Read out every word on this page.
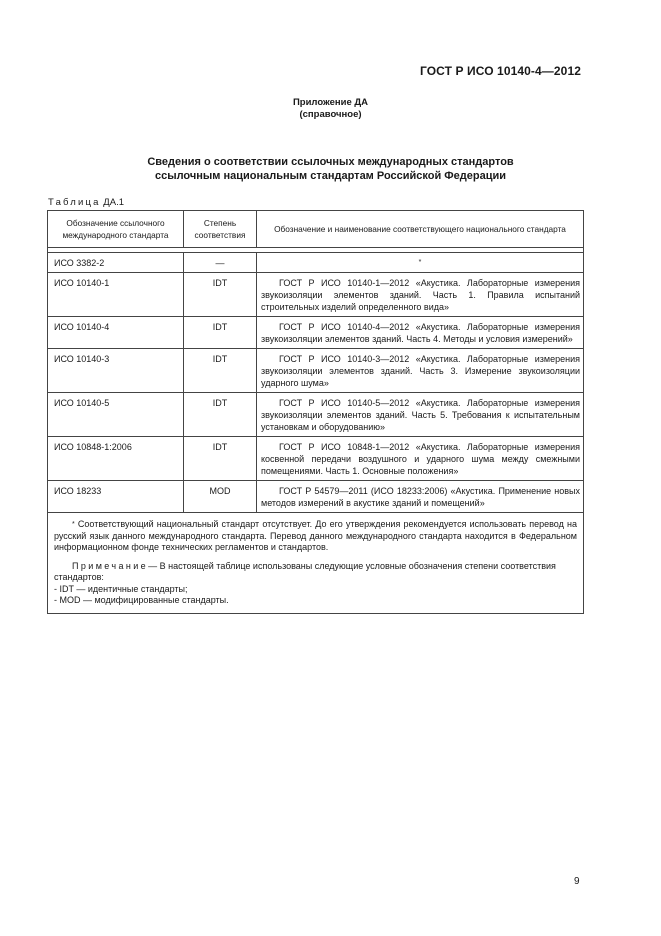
ГОСТ Р ИСО 10140-4—2012
Приложение ДА
(справочное)
Сведения о соответствии ссылочных международных стандартов
ссылочным национальным стандартам Российской Федерации
Таблица ДА.1
Обозначение ссылочного международного стандарта	Степень соответствия	Обозначение и наименование соответствующего национального стандарта

ИСО 3382-2	—	*
ИСО 10140-1	IDT	ГОСТ Р ИСО 10140-1—2012 «Акустика. Лабораторные измерения звукоизоляции элементов зданий. Часть 1. Правила испытаний строительных изделий определенного вида»
ИСО 10140-4	IDT	ГОСТ Р ИСО 10140-4—2012 «Акустика. Лабораторные измерения звукоизоляции элементов зданий. Часть 4. Методы и условия измерений»
ИСО 10140-3	IDT	ГОСТ Р ИСО 10140-3—2012 «Акустика. Лабораторные измерения звукоизоляции элементов зданий. Часть 3. Измерение звукоизоляции ударного шума»
ИСО 10140-5	IDT	ГОСТ Р ИСО 10140-5—2012 «Акустика. Лабораторные измерения звукоизоляции элементов зданий. Часть 5. Требования к испытательным установкам и оборудованию»
ИСО 10848-1:2006	IDT	ГОСТ Р ИСО 10848-1—2012 «Акустика. Лабораторные измерения косвенной передачи воздушного и ударного шума между смежными помещениями. Часть 1. Основные положения»
ИСО 18233	MOD	ГОСТ Р 54579—2011 (ИСО 18233:2006) «Акустика. Применение новых методов измерений в акустике зданий и помещений»

* Соответствующий национальный стандарт отсутствует. До его утверждения рекомендуется использовать перевод на русский язык данного международного стандарта. Перевод данного международного стандарта находится в Федеральном информационном фонде технических регламентов и стандартов.
Примечание— В настоящей таблице использованы следующие условные обозначения степени соответствия стандартов:
- IDT — идентичные стандарты;
- MOD — модифицированные стандарты.		
9
